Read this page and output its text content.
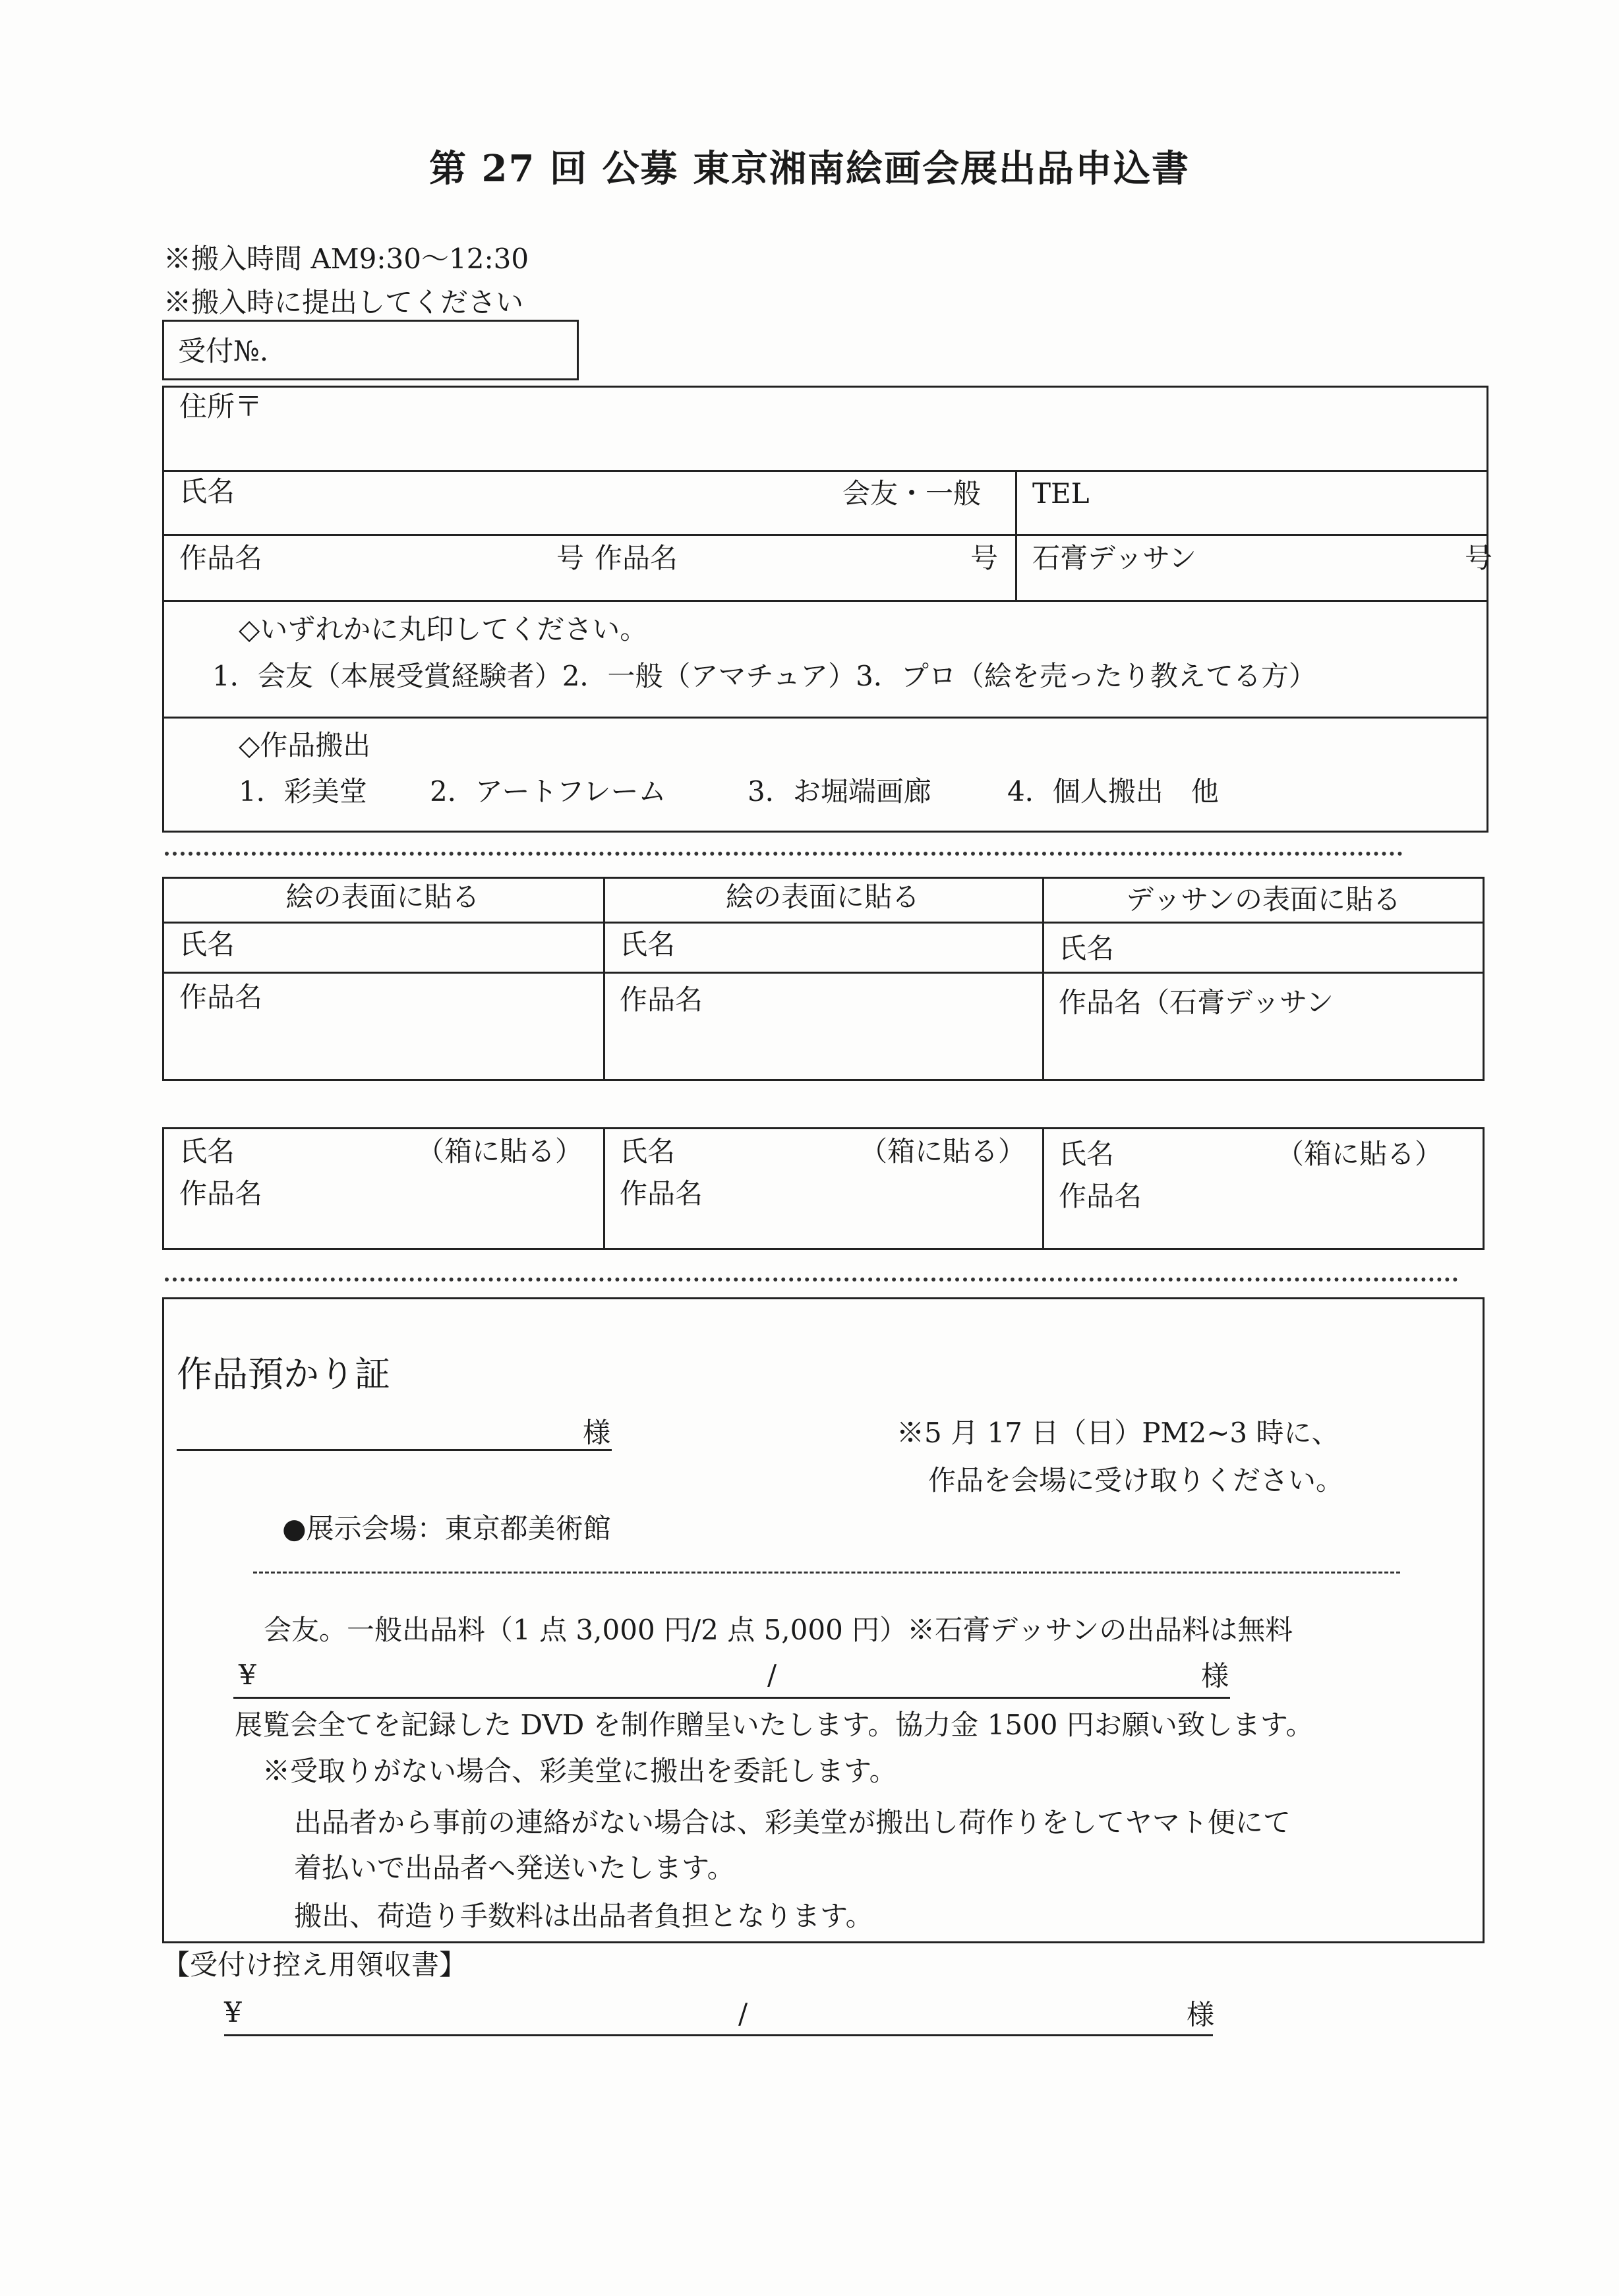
第 27 回 公募 東京湘南絵画会展出品申込書
※搬入時間 AM9:30〜12:30
※搬入時に提出してください
受付№.
住所〒
氏名	会友・一般 TEL
作品名	号 作品名	号 石膏デッサン	号
◇いずれかに丸印してください。
1．会友（本展受賞経験者）2．一般（アマチュア）3．プロ（絵を売ったり教えてる方）
◇作品搬出
1．彩美堂 2．アートフレーム	3．お堀端画廊	4．個人搬出　他
絵の表面に貼る	絵の表面に貼る	デッサンの表面に貼る
氏名	氏名	氏名
作品名	作品名	作品名（石膏デッサン
氏名	（箱に貼る）
作品名
氏名	（箱に貼る）
作品名
氏名	（箱に貼る）
作品名
作品預かり証
様	※5 月 17 日（日）PM2~3 時に、
作品を会場に受け取りください。
●展示会場：東京都美術館
会友。一般出品料（1 点 3,000 円/2 点 5,000 円）※石膏デッサンの出品料は無料
¥	/	様
展覧会全てを記録した DVD を制作贈呈いたします。協力金 1500 円お願い致します。
※受取りがない場合、彩美堂に搬出を委託します。
出品者から事前の連絡がない場合は、彩美堂が搬出し荷作りをしてヤマト便にて
着払いで出品者へ発送いたします。
搬出、荷造り手数料は出品者負担となります。
【受付け控え用領収書】
¥	/	様
